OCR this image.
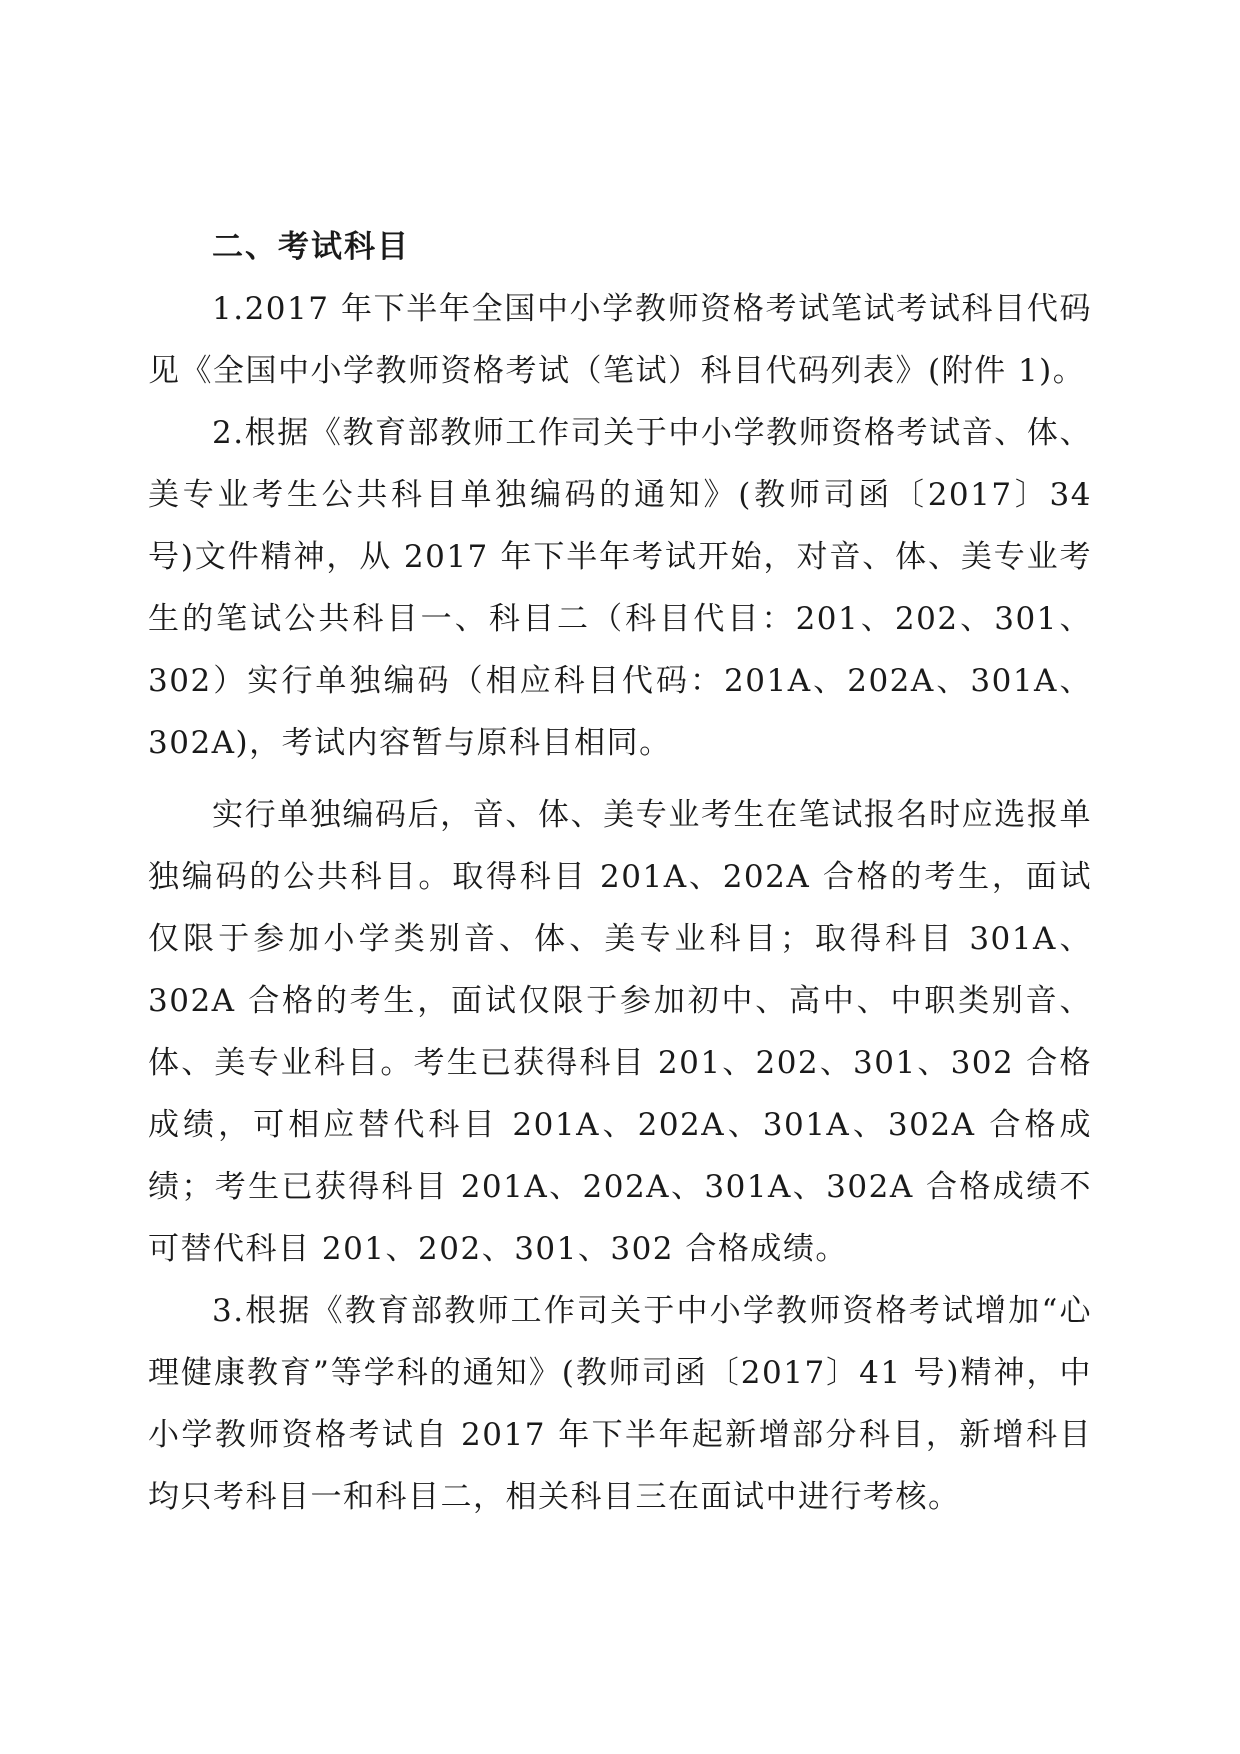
二、考试科目

1.2017 年下半年全国中小学教师资格考试笔试考试科目代码见《全国中小学教师资格考试（笔试）科目代码列表》(附件 1)。

2.根据《教育部教师工作司关于中小学教师资格考试音、体、美专业考生公共科目单独编码的通知》(教师司函〔2017〕34 号)文件精神，从 2017 年下半年考试开始，对音、体、美专业考生的笔试公共科目一、科目二（科目代目：201、202、301、302）实行单独编码（相应科目代码：201A、202A、301A、302A)，考试内容暂与原科目相同。

实行单独编码后，音、体、美专业考生在笔试报名时应选报单独编码的公共科目。取得科目 201A、202A 合格的考生，面试仅限于参加小学类别音、体、美专业科目；取得科目 301A、302A 合格的考生，面试仅限于参加初中、高中、中职类别音、体、美专业科目。考生已获得科目 201、202、301、302 合格成绩，可相应替代科目 201A、202A、301A、302A 合格成绩；考生已获得科目 201A、202A、301A、302A 合格成绩不可替代科目 201、202、301、302 合格成绩。

3.根据《教育部教师工作司关于中小学教师资格考试增加“心理健康教育”等学科的通知》(教师司函〔2017〕41 号)精神，中小学教师资格考试自 2017 年下半年起新增部分科目，新增科目均只考科目一和科目二，相关科目三在面试中进行考核。
